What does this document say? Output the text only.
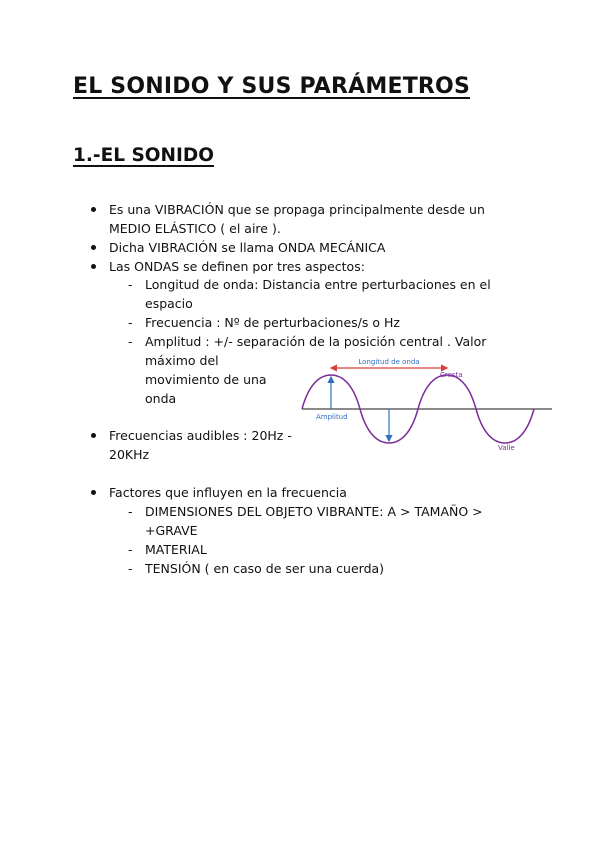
EL SONIDO Y SUS PARÁMETROS
1.-EL SONIDO
Es una VIBRACIÓN que se propaga principalmente desde un
MEDIO ELÁSTICO ( el aire ).
Dicha VIBRACIÓN se llama ONDA MECÁNICA
Las ONDAS se definen por tres aspectos:
- Longitud de onda: Distancia entre perturbaciones en el
espacio
- Frecuencia : Nº de perturbaciones/s o Hz
- Amplitud : +/- separación de la posición central . Valor
máximo del
movimiento de una
onda
Longitud de onda
Cresta
Amplitud
Valle
Frecuencias audibles : 20Hz -
20KHz
Factores que influyen en la frecuencia
- DIMENSIONES DEL OBJETO VIBRANTE: A > TAMAÑO >
+GRAVE
- MATERIAL
- TENSIÓN ( en caso de ser una cuerda)
